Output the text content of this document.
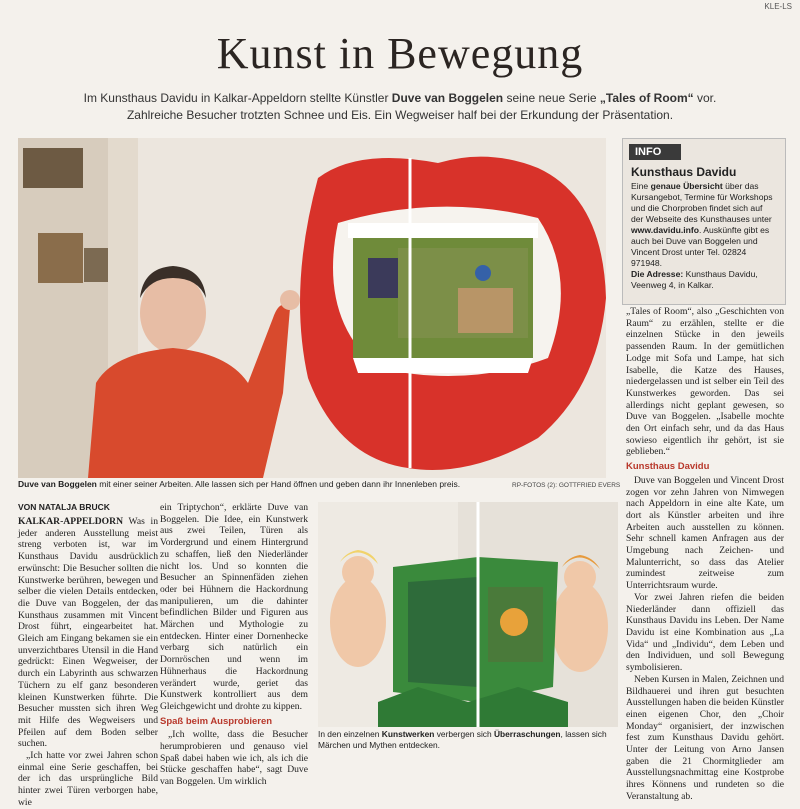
KLE-LS
Kunst in Bewegung
Im Kunsthaus Davidu in Kalkar-Appeldorn stellte Künstler Duve van Boggelen seine neue Serie „Tales of Room“ vor. Zahlreiche Besucher trotzten Schnee und Eis. Ein Wegweiser half bei der Erkundung der Präsentation.
Duve van Boggelen mit einer seiner Arbeiten. Alle lassen sich per Hand öffnen und geben dann ihr Innenleben preis.	RP-FOTOS (2): GOTTFRIED EVERS
INFO
Kunsthaus Davidu
Eine genaue Übersicht über das Kursangebot, Termine für Workshops und die Chorproben findet sich auf der Webseite des Kunsthauses unter www.davidu.info. Auskünfte gibt es auch bei Duve van Boggelen und Vincent Drost unter Tel. 02824 971948.
Die Adresse: Kunsthaus Davidu, Veenweg 4, in Kalkar.
VON NATALJA BRUCK

KALKAR-APPELDORN Was in jeder anderen Ausstellung meist streng verboten ist, war im Kunsthaus Davidu ausdrücklich erwünscht: Die Besucher sollten die Kunstwerke berühren, bewegen und selber die vielen Details entdecken, die Duve van Boggelen, der das Kunsthaus zusammen mit Vincent Drost führt, eingearbeitet hat. Gleich am Eingang bekamen sie ein unverzichtbares Utensil in die Hand gedrückt: Einen Wegweiser, der durch ein Labyrinth aus schwarzen Tüchern zu elf ganz besonderen kleinen Kunstwerken führte. Die Besucher mussten sich ihren Weg mit Hilfe des Wegweisers und Pfeilen auf dem Boden selber suchen.

„Ich hatte vor zwei Jahren schon einmal eine Serie geschaffen, bei der ich das ursprüngliche Bild hinter zwei Türen verborgen habe, wie

ein Triptychon“, erklärte Duve van Boggelen. Die Idee, ein Kunstwerk aus zwei Teilen, Türen als Vordergrund und einem Hintergrund zu schaffen, ließ den Niederländer nicht los. Und so konnten die Besucher an Spinnenfäden ziehen oder bei Hühnern die Hackordnung manipulieren, um die dahinter befindlichen Bilder und Figuren aus Märchen und Mythologie zu entdecken. Hinter einer Dornenhecke verbarg sich natürlich ein Dornröschen und wenn im Hühnerhaus die Hackordnung verändert wurde, geriet das Kunstwerk kontrolliert aus dem Gleichgewicht und drohte zu kippen.

Spaß beim Ausprobieren

„Ich wollte, dass die Besucher herumprobieren und genauso viel Spaß dabei haben wie ich, als ich die Stücke geschaffen habe“, sagt Duve van Boggelen. Um wirklich

„Tales of Room“, also „Geschichten von Raum“ zu erzählen, stellte er die einzelnen Stücke in den jeweils passenden Raum. In der gemütlichen Lodge mit Sofa und Lampe, hat sich Isabelle, die Katze des Hauses, niedergelassen und ist selber ein Teil des Kunstwerkes geworden. Das sei allerdings nicht geplant gewesen, so Duve van Boggelen. „Isabelle mochte den Ort einfach sehr, und da das Haus sowieso eigentlich ihr gehört, ist sie geblieben.“

Kunsthaus Davidu

Duve van Boggelen und Vincent Drost zogen vor zehn Jahren von Nimwegen nach Appeldorn in eine alte Kate, um dort als Künstler arbeiten und ihre Arbeiten auch ausstellen zu können. Sehr schnell kamen Anfragen aus der Umgebung nach Zeichen- und Malunterricht, so dass das Atelier zumindest zeitweise zum Unterrichtsraum wurde.

Vor zwei Jahren riefen die beiden Niederländer dann offiziell das Kunsthaus Davidu ins Leben. Der Name Davidu ist eine Kombination aus „La Vida“ und „Individu“, dem Leben und den Individuen, und soll Bewegung symbolisieren.

Neben Kursen in Malen, Zeichnen und Bildhauerei und ihren gut besuchten Ausstellungen haben die beiden Künstler einen eigenen Chor, den „Choir Monday“ organisiert, der inzwischen fest zum Kunsthaus Davidu gehört. Unter der Leitung von Arno Jansen gaben die 21 Chormitglieder am Ausstellungsnachmittag eine Kostprobe ihres Könnens und rundeten so die Veranstaltung ab.

In den einzelnen Kunstwerken verbergen sich Überraschungen, lassen sich Märchen und Mythen entdecken.
